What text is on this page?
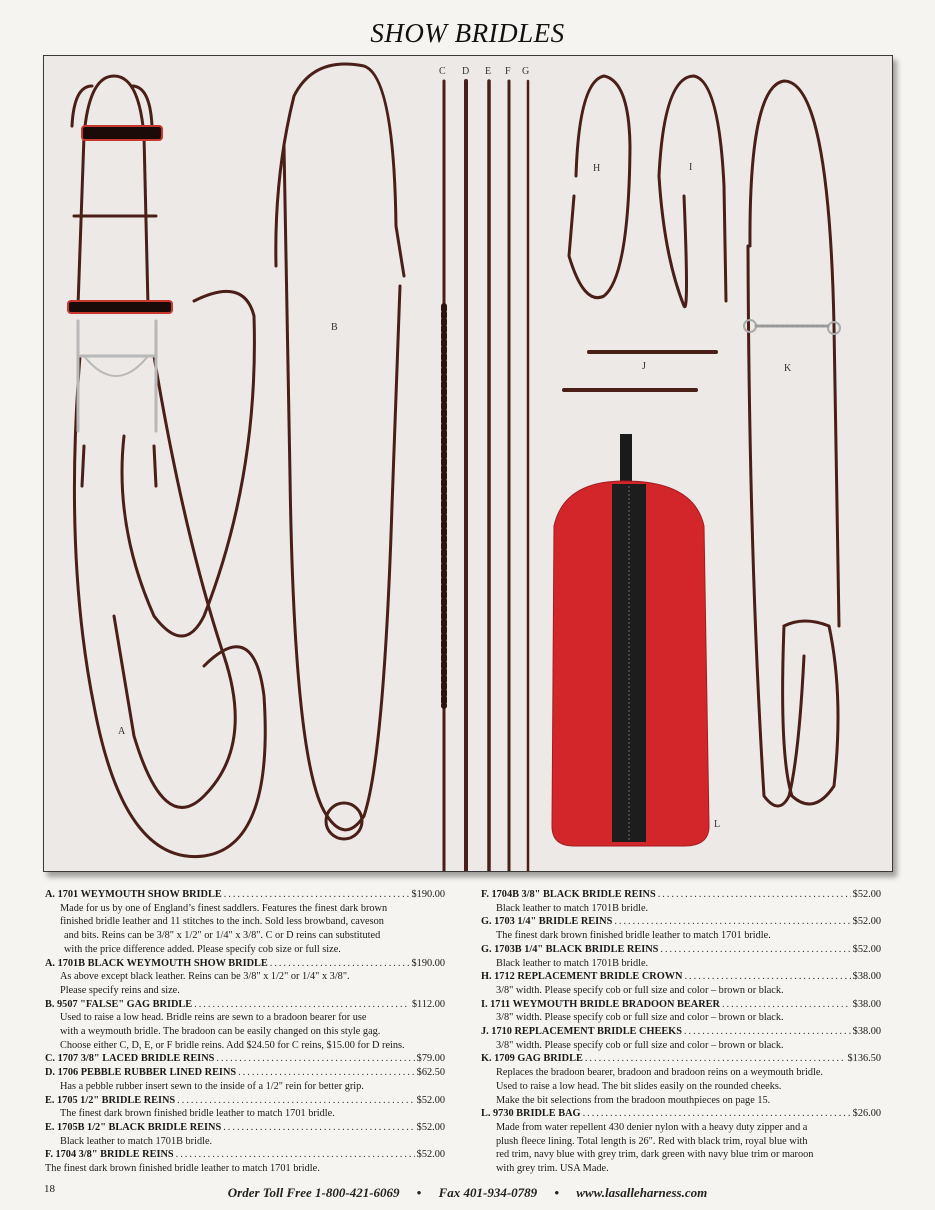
SHOW BRIDLES
A
B
C D E F G
H	I
J	K
L
A. 1701 WEYMOUTH SHOW BRIDLE .....	$190.00
Made for us by one of England’s finest saddlers. Features the finest dark brown
finished bridle leather and 11 stitches to the inch. Sold less browband, caveson
and bits. Reins can be 3/8" x 1/2" or 1/4" x 3/8". C or D reins can substituted
with the price difference added. Please specify cob size or full size.
A. 1701B BLACK WEYMOUTH SHOW BRIDLE .....	$190.00
As above except black leather. Reins can be 3/8" x 1/2" or 1/4" x 3/8".
Please specify reins and size.
B. 9507 "FALSE" GAG BRIDLE .....	$112.00
Used to raise a low head. Bridle reins are sewn to a bradoon bearer for use
with a weymouth bridle. The bradoon can be easily changed on this style gag.
Choose either C, D, E, or F bridle reins. Add $24.50 for C reins, $15.00 for D reins.
C. 1707 3/8" LACED BRIDLE REINS .....	$79.00
D. 1706 PEBBLE RUBBER LINED REINS .....	$62.50
Has a pebble rubber insert sewn to the inside of a 1/2" rein for better grip.
E. 1705 1/2" BRIDLE REINS .....	$52.00
The finest dark brown finished bridle leather to match 1701 bridle.
E. 1705B 1/2" BLACK BRIDLE REINS .....	$52.00
Black leather to match 1701B bridle.
F. 1704 3/8" BRIDLE REINS .....	$52.00
The finest dark brown finished bridle leather to match 1701 bridle.
F. 1704B 3/8" BLACK BRIDLE REINS .....	$52.00
Black leather to match 1701B bridle.
G. 1703 1/4" BRIDLE REINS .....	$52.00
The finest dark brown finished bridle leather to match 1701 bridle.
G. 1703B 1/4" BLACK BRIDLE REINS .....	$52.00
Black leather to match 1701B bridle.
H. 1712 REPLACEMENT BRIDLE CROWN .....	$38.00
3/8" width. Please specify cob or full size and color – brown or black.
I. 1711 WEYMOUTH BRIDLE BRADOON BEARER .....	$38.00
3/8" width. Please specify cob or full size and color – brown or black.
J. 1710 REPLACEMENT BRIDLE CHEEKS .....	$38.00
3/8" width. Please specify cob or full size and color – brown or black.
K. 1709 GAG BRIDLE .....	$136.50
Replaces the bradoon bearer, bradoon and bradoon reins on a weymouth bridle.
Used to raise a low head. The bit slides easily on the rounded cheeks.
Make the bit selections from the bradoon mouthpieces on page 15.
L. 9730 BRIDLE BAG .....	$26.00
Made from water repellent 430 denier nylon with a heavy duty zipper and a
plush fleece lining. Total length is 26". Red with black trim, royal blue with
red trim, navy blue with grey trim, dark green with navy blue trim or maroon
with grey trim. USA Made.
18	Order Toll Free 1-800-421-6069 • Fax 401-934-0789 • www.lasalleharness.com
